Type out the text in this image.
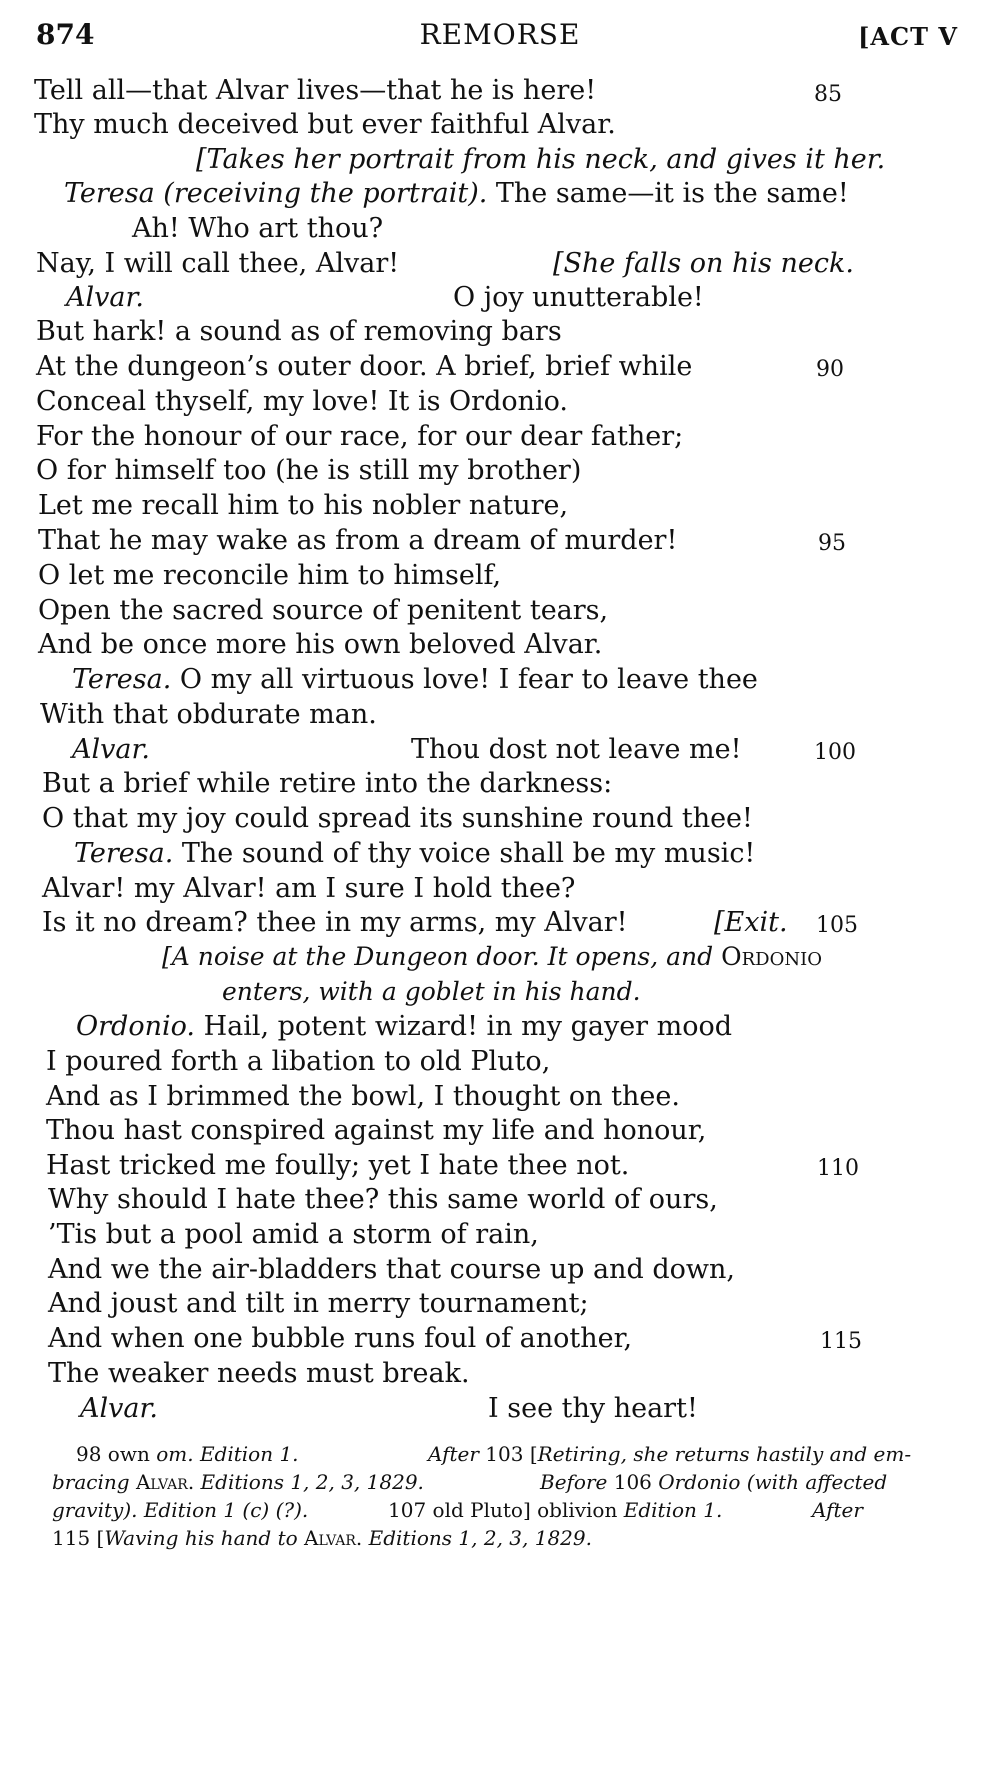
874	REMORSE	[ACT V
Tell all—that Alvar lives—that he is here!
Thy much deceived but ever faithful Alvar.
[Takes her portrait from his neck, and gives it her.
Teresa (receiving the portrait). The same—it is the same!
Ah! Who art thou?
Nay, I will call thee, Alvar!	[She falls on his neck.
Alvar.	O joy unutterable!
But hark! a sound as of removing bars
At the dungeon’s outer door. A brief, brief while
Conceal thyself, my love! It is Ordonio.
For the honour of our race, for our dear father;
O for himself too (he is still my brother)
Let me recall him to his nobler nature,
That he may wake as from a dream of murder!
O let me reconcile him to himself,
Open the sacred source of penitent tears,
And be once more his own beloved Alvar.
Teresa. O my all virtuous love! I fear to leave thee
With that obdurate man.
Alvar.	Thou dost not leave me!
But a brief while retire into the darkness:
O that my joy could spread its sunshine round thee!
Teresa. The sound of thy voice shall be my music!
Alvar! my Alvar! am I sure I hold thee?
Is it no dream? thee in my arms, my Alvar!	[Exit.
[A noise at the Dungeon door. It opens, and Ordonio
enters, with a goblet in his hand.
Ordonio. Hail, potent wizard! in my gayer mood
I poured forth a libation to old Pluto,
And as I brimmed the bowl, I thought on thee.
Thou hast conspired against my life and honour,
Hast tricked me foully; yet I hate thee not.
Why should I hate thee? this same world of ours,
’Tis but a pool amid a storm of rain,
And we the air-bladders that course up and down,
And joust and tilt in merry tournament;
And when one bubble runs foul of another,
The weaker needs must break.
Alvar.	I see thy heart!
85
90
95
100
105
110
115
98 own om. Edition 1.	After 103 [Retiring, she returns hastily and em-
bracing Alvar. Editions 1, 2, 3, 1829.	Before 106 Ordonio (with affected
gravity). Edition 1 (c) (?).	107 old Pluto] oblivion Edition 1.	After
115 [Waving his hand to Alvar. Editions 1, 2, 3, 1829.
